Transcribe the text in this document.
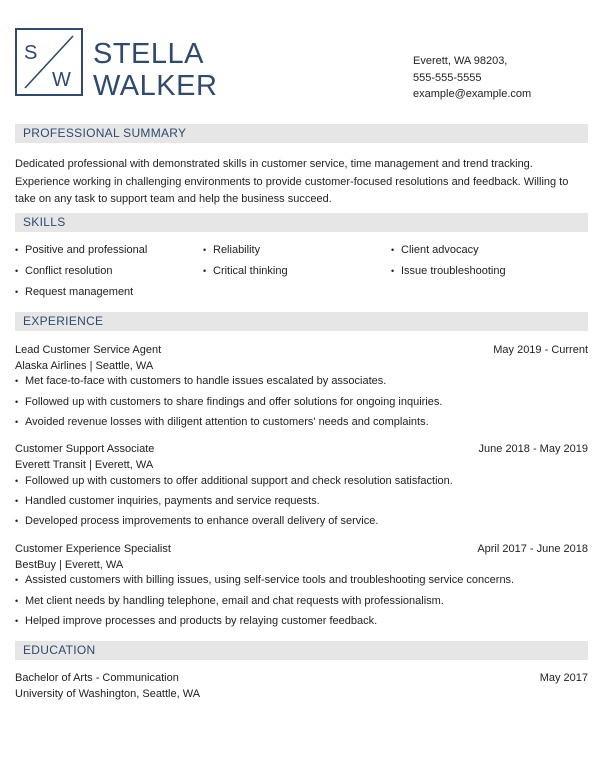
S
W
STELLA
WALKER
Everett, WA 98203,
555-555-5555
example@example.com
PROFESSIONAL SUMMARY
Dedicated professional with demonstrated skills in customer service, time management and trend tracking. Experience working in challenging environments to provide customer-focused resolutions and feedback. Willing to take on any task to support team and help the business succeed.
SKILLS
• Positive and professional	• Reliability	• Client advocacy
• Conflict resolution	• Critical thinking	• Issue troubleshooting
• Request management
EXPERIENCE
Lead Customer Service Agent	May 2019 - Current
Alaska Airlines | Seattle, WA
• Met face-to-face with customers to handle issues escalated by associates.
• Followed up with customers to share findings and offer solutions for ongoing inquiries.
• Avoided revenue losses with diligent attention to customers' needs and complaints.
Customer Support Associate	June 2018 - May 2019
Everett Transit | Everett, WA
• Followed up with customers to offer additional support and check resolution satisfaction.
• Handled customer inquiries, payments and service requests.
• Developed process improvements to enhance overall delivery of service.
Customer Experience Specialist	April 2017 - June 2018
BestBuy | Everett, WA
• Assisted customers with billing issues, using self-service tools and troubleshooting service concerns.
• Met client needs by handling telephone, email and chat requests with professionalism.
• Helped improve processes and products by relaying customer feedback.
EDUCATION
Bachelor of Arts - Communication	May 2017
University of Washington, Seattle, WA
